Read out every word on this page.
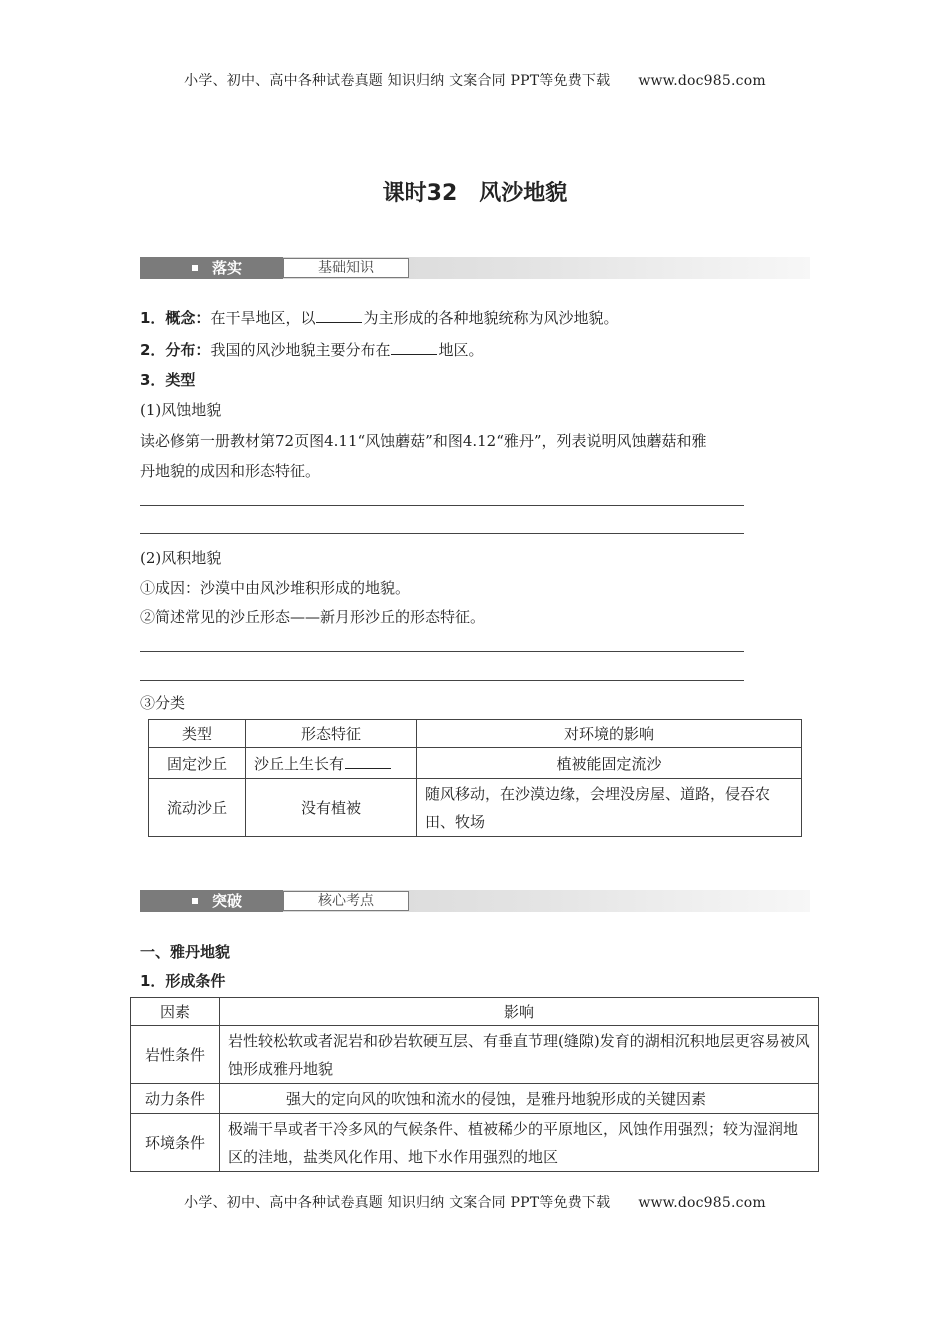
小学、初中、高中各种试卷真题 知识归纳 文案合同 PPT等免费下载 www.doc985.com
课时32 风沙地貌
落实	基础知识
1．概念：在干旱地区，以	为主形成的各种地貌统称为风沙地貌。
2．分布：我国的风沙地貌主要分布在	地区。
3．类型
(1)风蚀地貌
读必修第一册教材第72页图4.11“风蚀蘑菇”和图4.12“雅丹”，列表说明风蚀蘑菇和雅
丹地貌的成因和形态特征。
(2)风积地貌
①成因：沙漠中由风沙堆积形成的地貌。
②简述常见的沙丘形态——新月形沙丘的形态特征。
③分类
类型	形态特征	对环境的影响
固定沙丘	沙丘上生长有	植被能固定流沙
流动沙丘	没有植被	随风移动，在沙漠边缘，会埋没房屋、道路，侵吞农田、牧场
突破	核心考点
一、雅丹地貌
1．形成条件
因素	影响
岩性条件	岩性较松软或者泥岩和砂岩软硬互层、有垂直节理(缝隙)发育的湖相沉积地层更容易被风蚀形成雅丹地貌
动力条件	强大的定向风的吹蚀和流水的侵蚀，是雅丹地貌形成的关键因素
环境条件	极端干旱或者干冷多风的气候条件、植被稀少的平原地区，风蚀作用强烈；较为湿润地区的洼地，盐类风化作用、地下水作用强烈的地区
小学、初中、高中各种试卷真题 知识归纳 文案合同 PPT等免费下载 www.doc985.com
